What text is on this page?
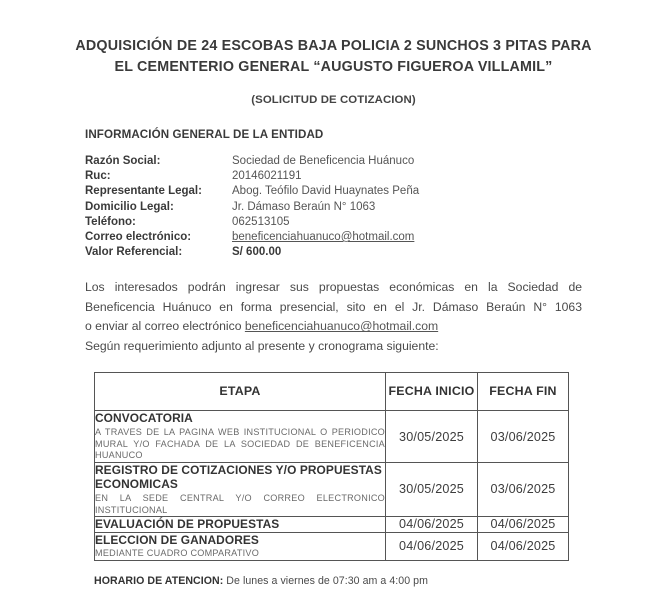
ADQUISICIÓN DE 24 ESCOBAS BAJA POLICIA 2 SUNCHOS 3 PITAS PARA EL CEMENTERIO GENERAL “AUGUSTO FIGUEROA VILLAMIL”
(SOLICITUD DE COTIZACION)
INFORMACIÓN GENERAL DE LA ENTIDAD
Razón Social:	Sociedad de Beneficencia Huánuco
Ruc:	20146021191
Representante Legal:	Abog. Teófilo David Huaynates Peña
Domicilio Legal:	Jr. Dámaso Beraún N° 1063
Teléfono:	062513105
Correo electrónico:	beneficenciahuanuco@hotmail.com
Valor Referencial:	S/ 600.00
Los interesados podrán ingresar sus propuestas económicas en la Sociedad de
Beneficencia Huánuco en forma presencial, sito en el Jr. Dámaso Beraún N° 1063
o enviar al correo electrónico beneficenciahuanuco@hotmail.com
Según requerimiento adjunto al presente y cronograma siguiente:
ETAPA	FECHA INICIO	FECHA FIN

CONVOCATORIA
A TRAVES DE LA PAGINA WEB INSTITUCIONAL O PERIODICO MURAL Y/O FACHADA DE LA SOCIEDAD DE BENEFICENCIA HUANUCO	30/05/2025	03/06/2025

REGISTRO DE COTIZACIONES Y/O PROPUESTAS ECONOMICAS
EN LA SEDE CENTRAL Y/O CORREO ELECTRONICO INSTITUCIONAL	30/05/2025	03/06/2025

EVALUACIÓN DE PROPUESTAS	04/06/2025	04/06/2025

ELECCION DE GANADORES
MEDIANTE CUADRO COMPARATIVO	04/06/2025	04/06/2025
HORARIO DE ATENCION: De lunes a viernes de 07:30 am a 4:00 pm
